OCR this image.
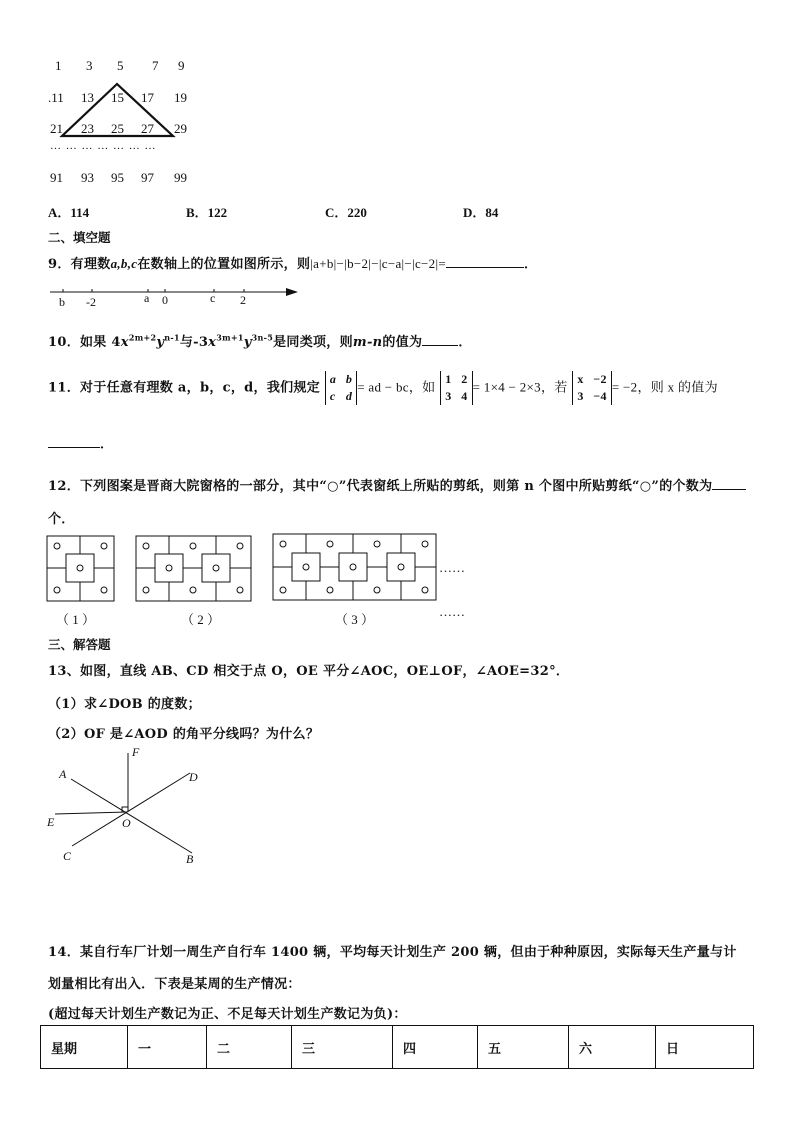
1 3 5 7 9
.11 13 15 17 19
21 23 25 27 29
… … … … … … …
91 93 95 97 99
A．114	B．122	C．220	D．84
二、填空题
9．有理数a,b,c在数轴上的位置如图所示，则|a+b|−|b−2|−|c−a|−|c−2|=	．
b -2	a 0	c 2
10．如果 $4x^{2m+2}y^{n-1}$与$-3x^{3m+1}y^{3n-5}$是同类项，则m-n的值为	．
11．对于任意有理数 a，b，c，d，我们规定
a b
c d
= ad − bc，如
1 2
3 4
= 1×4 − 2×3，若
x −2
3 −4
= −2，则 x 的值为
．
12．下列图案是晋商大院窗格的一部分，其中“○”代表窗纸上所贴的剪纸，则第 n 个图中所贴剪纸“○”的个数为
个．
……
（ 1 ）	（ 2 ）	（ 3 ）
……
三、解答题
13、如图，直线 AB、CD 相交于点 O，OE 平分∠AOC，OE⊥OF，∠AOE=32°．
（1）求∠DOB 的度数；
（2）OF 是∠AOD 的角平分线吗？为什么？
A
B
C
D
E
F
O
14．某自行车厂计划一周生产自行车 1400 辆，平均每天计划生产 200 辆，但由于种种原因，实际每天生产量与计
划量相比有出入．下表是某周的生产情况：
(超过每天计划生产数记为正、不足每天计划生产数记为负)：
星期	一	二	三	四	五	六	日
